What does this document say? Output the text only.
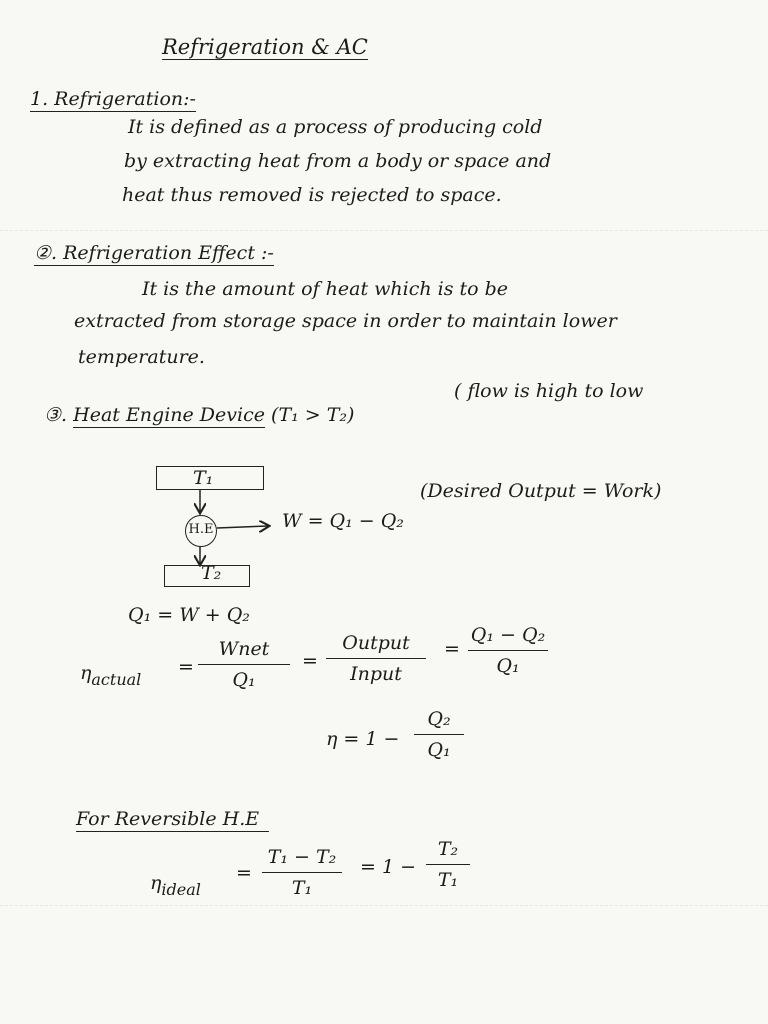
Refrigeration & AC
1. Refrigeration:-
It is defined as a process of producing cold
by extracting heat from a body or space and
heat thus removed is rejected to space.
②. Refrigeration Effect :-
It is the amount of heat which is to be
extracted from storage space in order to maintain lower
temperature.
③. Heat Engine Device (T₁ > T₂)
( flow is high to low
T₁
H.E
T₂
W = Q₁ − Q₂
(Desired Output = Work)
Q₁ = W + Q₂
$\eta_{actual}$
=
Wnet
Q₁
=
Output
Input
=
Q₁ − Q₂
Q₁
η = 1 −
Q₂
Q₁
For Reversible H.E
$\eta_{ideal}$
=
T₁ − T₂
T₁
= 1 −
T₂
T₁
